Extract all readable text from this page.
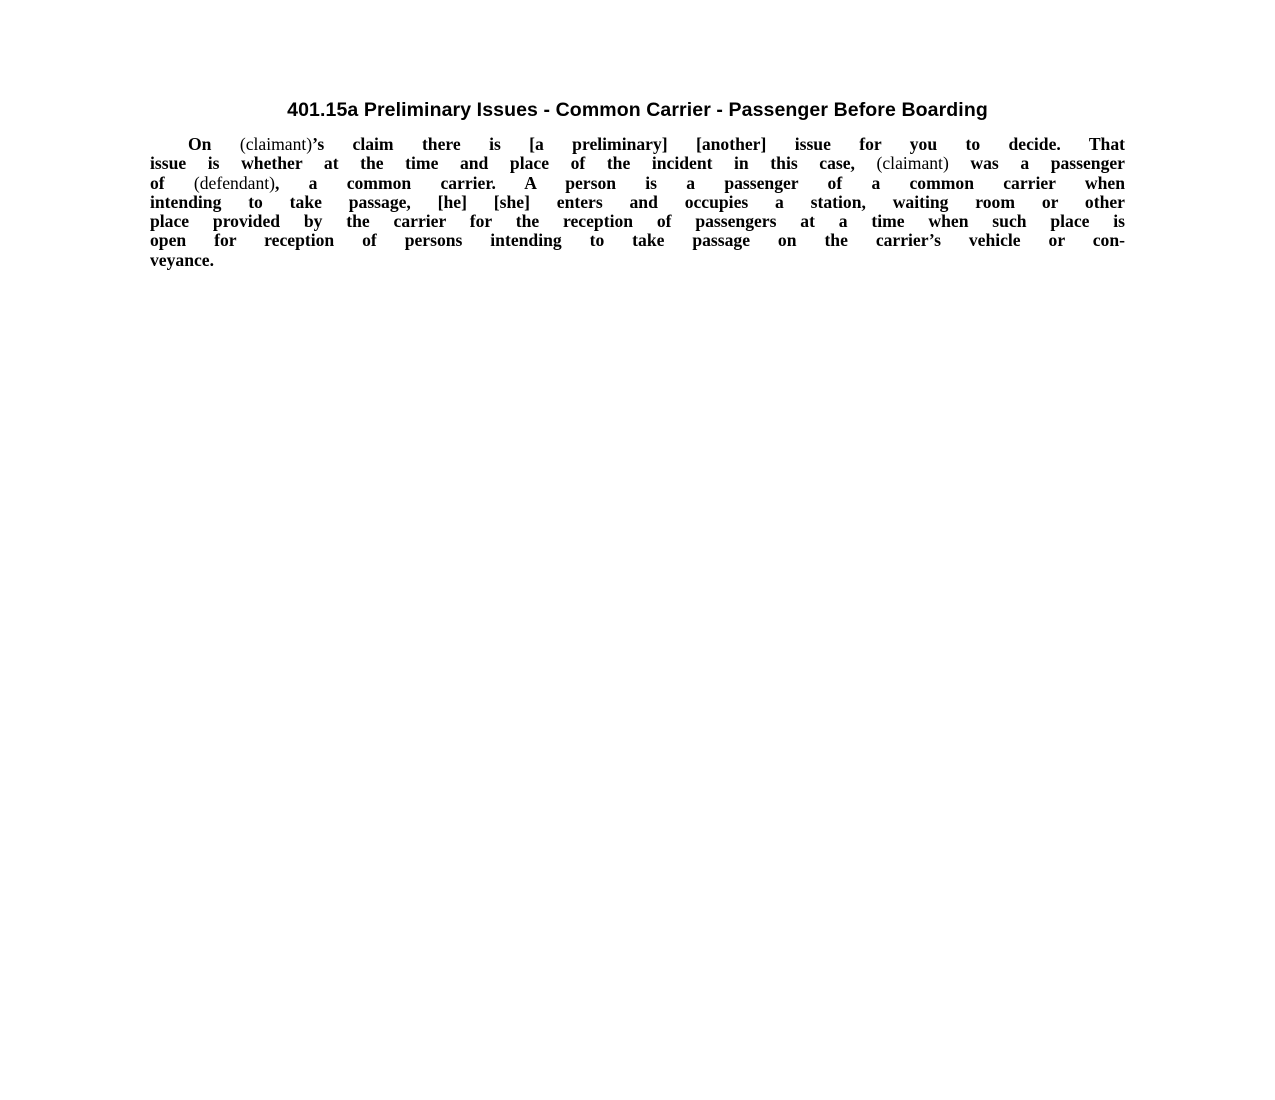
401.15a Preliminary Issues - Common Carrier - Passenger Before Boarding

On (claimant)’s claim there is [a preliminary] [another] issue for you to decide. That
issue is whether at the time and place of the incident in this case, (claimant) was a passenger
of (defendant), a common carrier. A person is a passenger of a common carrier when
intending to take passage, [he] [she] enters and occupies a station, waiting room or other
place provided by the carrier for the reception of passengers at a time when such place is
open for reception of persons intending to take passage on the carrier’s vehicle or con-
veyance.
